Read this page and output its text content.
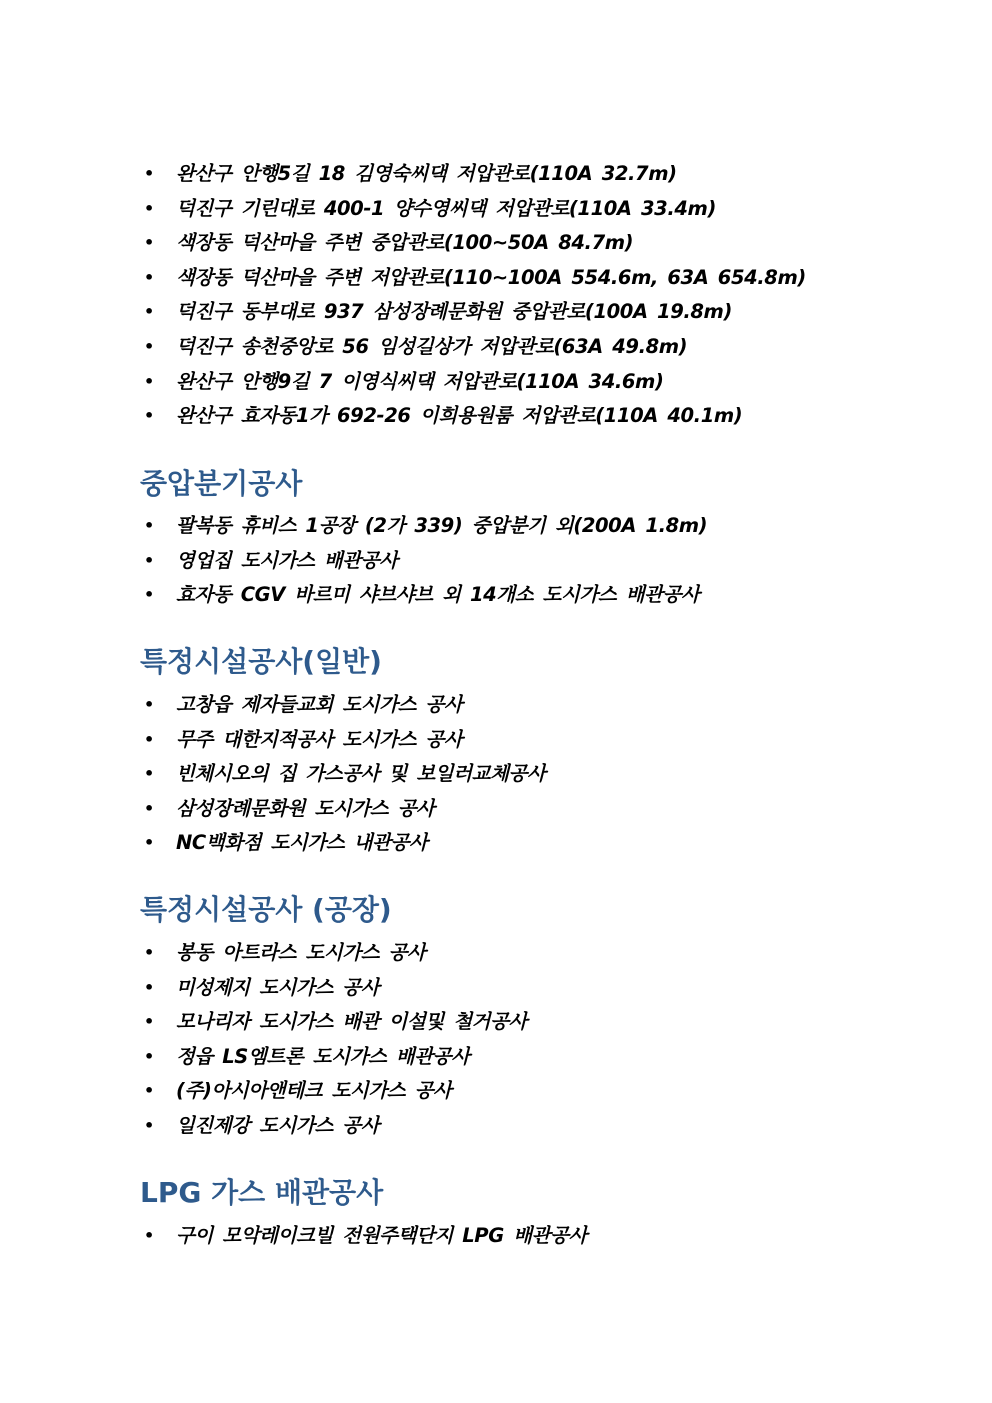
• 완산구 안행5길 18 김영숙씨댁 저압관로(110A 32.7m)
• 덕진구 기린대로 400-1 양수영씨댁 저압관로(110A 33.4m)
• 색장동 덕산마을 주변 중압관로(100~50A 84.7m)
• 색장동 덕산마을 주변 저압관로(110~100A 554.6m, 63A 654.8m)
• 덕진구 동부대로 937 삼성장례문화원 중압관로(100A 19.8m)
• 덕진구 송천중앙로 56 임성길상가 저압관로(63A 49.8m)
• 완산구 안행9길 7 이영식씨댁 저압관로(110A 34.6m)
• 완산구 효자동1가 692-26 이희용원룸 저압관로(110A 40.1m)
중압분기공사
• 팔복동 휴비스 1공장 (2가 339) 중압분기 외(200A 1.8m)
• 영업집 도시가스 배관공사
• 효자동 CGV 바르미 샤브샤브 외 14개소 도시가스 배관공사
특정시설공사(일반)
• 고창읍 제자들교회 도시가스 공사
• 무주 대한지적공사 도시가스 공사
• 빈체시오의 집 가스공사 및 보일러교체공사
• 삼성장례문화원 도시가스 공사
• NC백화점 도시가스 내관공사
특정시설공사 (공장)
• 봉동 아트라스 도시가스 공사
• 미성제지 도시가스 공사
• 모나리자 도시가스 배관 이설및 철거공사
• 정읍 LS엠트론 도시가스 배관공사
• (주)아시아앤테크 도시가스 공사
• 일진제강 도시가스 공사
LPG 가스 배관공사
• 구이 모악레이크빌 전원주택단지 LPG 배관공사
